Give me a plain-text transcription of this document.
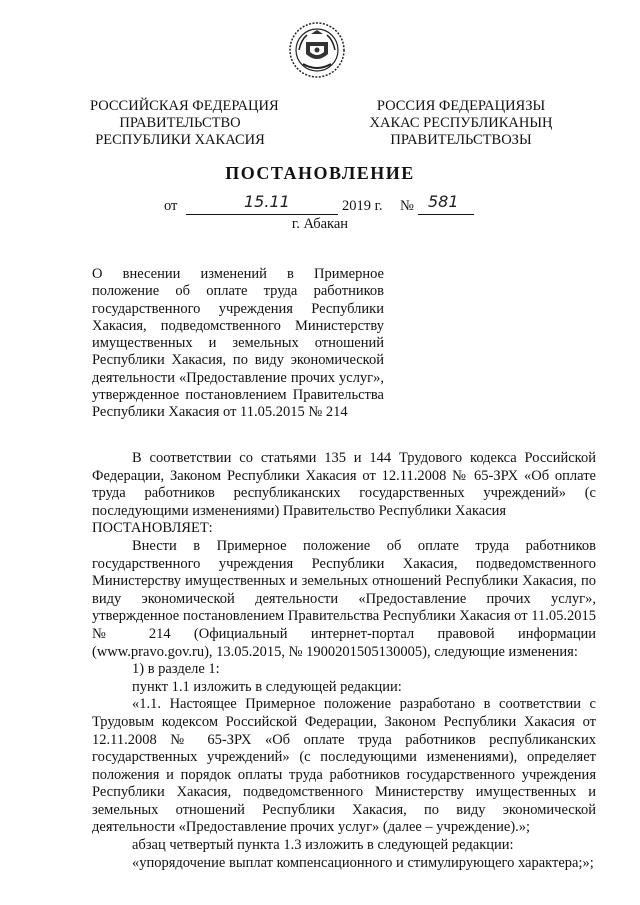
РОССИЙСКАЯ ФЕДЕРАЦИЯ
ПРАВИТЕЛЬСТВО
РЕСПУБЛИКИ ХАКАСИЯ
РОССИЯ ФЕДЕРАЦИЯЗЫ
ХАКАС РЕСПУБЛИКАНЫҢ
ПРАВИТЕЛЬСТВОЗЫ
ПОСТАНОВЛЕНИЕ
от	15.11	2019 г. № 581
г. Абакан
О внесении изменений в Примерное положение об оплате труда работников государственного учреждения Республики Хакасия, подведомственного Министерству имущественных и земельных отношений Республики Хакасия, по виду экономической деятельности «Предоставление прочих услуг», утвержденное постановлением Правительства Республики Хакасия от 11.05.2015 № 214

В соответствии со статьями 135 и 144 Трудового кодекса Российской Федерации, Законом Республики Хакасия от 12.11.2008 № 65-ЗРХ «Об оплате труда работников республиканских государственных учреждений» (с последующими изменениями) Правительство Республики Хакасия

ПОСТАНОВЛЯЕТ:

Внести в Примерное положение об оплате труда работников государственного учреждения Республики Хакасия, подведомственного Министерству имущественных и земельных отношений Республики Хакасия, по виду экономической деятельности «Предоставление прочих услуг», утвержденное постановлением Правительства Республики Хакасия от 11.05.2015 № 214 (Официальный интернет-портал правовой информации (www.pravo.gov.ru), 13.05.2015, № 1900201505130005), следующие изменения:

1) в разделе 1:

пункт 1.1 изложить в следующей редакции:

«1.1. Настоящее Примерное положение разработано в соответствии с Трудовым кодексом Российской Федерации, Законом Республики Хакасия от 12.11.2008 № 65-ЗРХ «Об оплате труда работников республиканских государственных учреждений» (с последующими изменениями), определяет положения и порядок оплаты труда работников государственного учреждения Республики Хакасия, подведомственного Министерству имущественных и земельных отношений Республики Хакасия, по виду экономической деятельности «Предоставление прочих услуг» (далее – учреждение).»;

абзац четвертый пункта 1.3 изложить в следующей редакции:

«упорядочение выплат компенсационного и стимулирующего характера;»;
